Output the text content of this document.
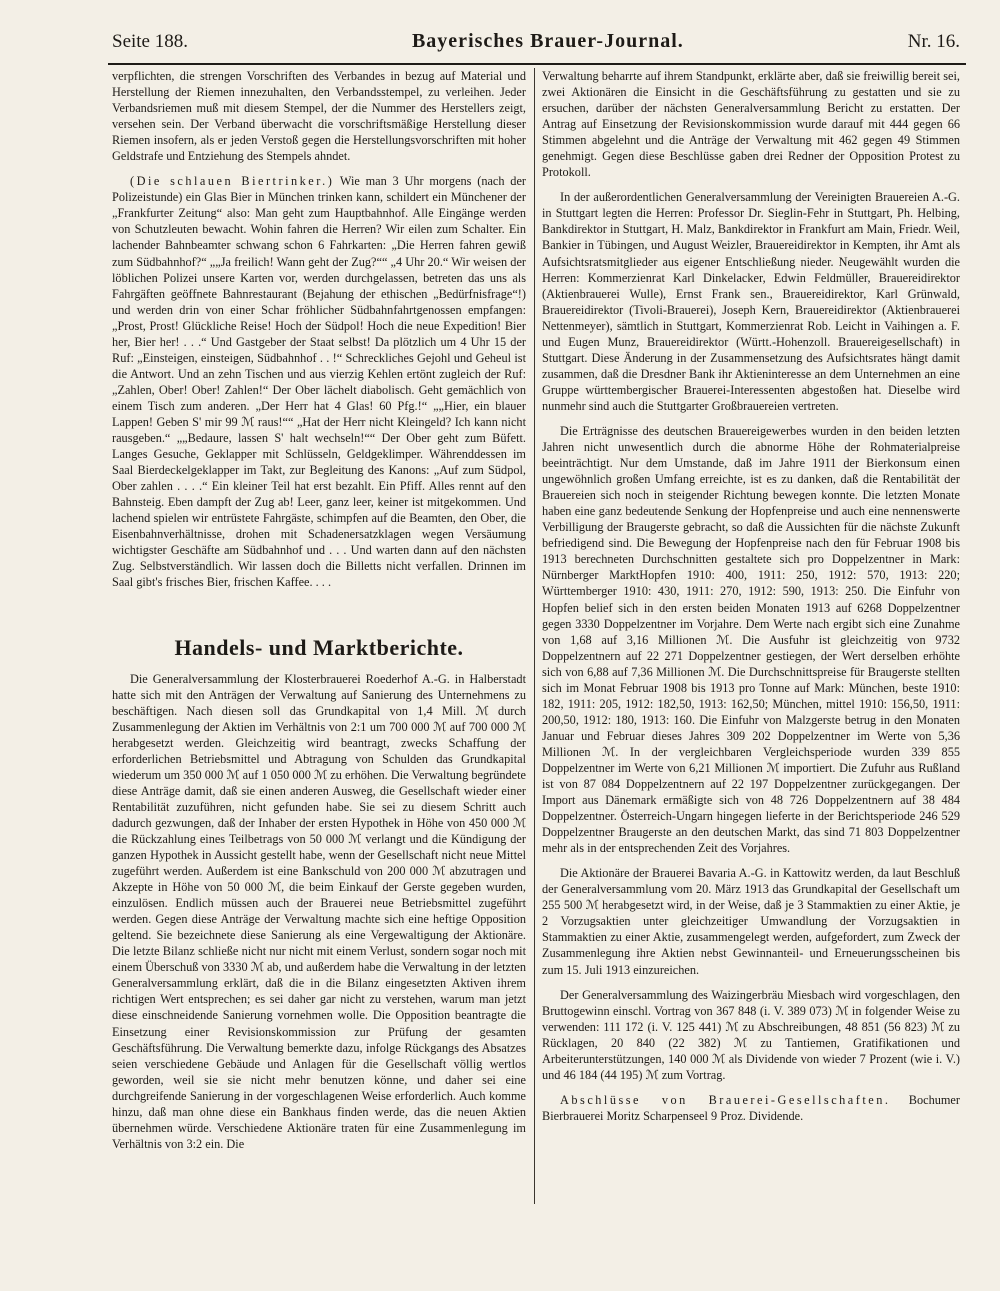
Seite 188.	Bayerisches Brauer-Journal.	Nr. 16.

verpflichten, die strengen Vorschriften des Verbandes in bezug auf Material und Herstellung der Riemen innezuhalten, den Verbandsstempel, zu verleihen. Jeder Verbandsriemen muß mit diesem Stempel, der die Nummer des Herstellers zeigt, versehen sein. Der Verband überwacht die vorschriftsmäßige Herstellung dieser Riemen insofern, als er jeden Verstoß gegen die Herstellungsvorschriften mit hoher Geldstrafe und Entziehung des Stempels ahndet.

(Die schlauen Biertrinker.) Wie man 3 Uhr morgens (nach der Polizeistunde) ein Glas Bier in München trinken kann, schildert ein Münchener der „Frankfurter Zeitung“ also: Man geht zum Hauptbahnhof. Alle Eingänge werden von Schutzleuten bewacht. Wohin fahren die Herren? Wir eilen zum Schalter. Ein lachender Bahnbeamter schwang schon 6 Fahrkarten: „Die Herren fahren gewiß zum Südbahnhof?“ „„Ja freilich! Wann geht der Zug?““ „4 Uhr 20.“ Wir weisen der löblichen Polizei unsere Karten vor, werden durchgelassen, betreten das uns als Fahrgäften geöffnete Bahnrestaurant (Bejahung der ethischen „Bedürfnisfrage“!) und werden drin von einer Schar fröhlicher Südbahnfahrtgenossen empfangen: „Prost, Prost! Glückliche Reise! Hoch der Südpol! Hoch die neue Expedition! Bier her, Bier her! . . .“ Und Gastgeber der Staat selbst! Da plötzlich um 4 Uhr 15 der Ruf: „Einsteigen, einsteigen, Südbahnhof . . !“ Schreckliches Gejohl und Geheul ist die Antwort. Und an zehn Tischen und aus vierzig Kehlen ertönt zugleich der Ruf: „Zahlen, Ober! Ober! Zahlen!“ Der Ober lächelt diabolisch. Geht gemächlich von einem Tisch zum anderen. „Der Herr hat 4 Glas! 60 Pfg.!“ „„Hier, ein blauer Lappen! Geben S' mir 99 ℳ raus!““ „Hat der Herr nicht Kleingeld? Ich kann nicht rausgeben.“ „„Bedaure, lassen S' halt wechseln!““ Der Ober geht zum Büfett. Langes Gesuche, Geklapper mit Schlüsseln, Geldgeklimper. Währenddessen im Saal Bierdeckelgeklapper im Takt, zur Begleitung des Kanons: „Auf zum Südpol, Ober zahlen . . . .“ Ein kleiner Teil hat erst bezahlt. Ein Pfiff. Alles rennt auf den Bahnsteig. Eben dampft der Zug ab! Leer, ganz leer, keiner ist mitgekommen. Und lachend spielen wir entrüstete Fahrgäste, schimpfen auf die Beamten, den Ober, die Eisenbahnverhältnisse, drohen mit Schadenersatzklagen wegen Versäumung wichtigster Geschäfte am Südbahnhof und . . . Und warten dann auf den nächsten Zug. Selbstverständlich. Wir lassen doch die Billetts nicht verfallen. Drinnen im Saal gibt's frisches Bier, frischen Kaffee. . . .

Handels- und Marktberichte.

Die Generalversammlung der Klosterbrauerei Roederhof A.-G. in Halberstadt hatte sich mit den Anträgen der Verwaltung auf Sanierung des Unternehmens zu beschäftigen. Nach diesen soll das Grundkapital von 1,4 Mill. ℳ durch Zusammenlegung der Aktien im Verhältnis von 2:1 um 700 000 ℳ auf 700 000 ℳ herabgesetzt werden. Gleichzeitig wird beantragt, zwecks Schaffung der erforderlichen Betriebsmittel und Abtragung von Schulden das Grundkapital wiederum um 350 000 ℳ auf 1 050 000 ℳ zu erhöhen. Die Verwaltung begründete diese Anträge damit, daß sie einen anderen Ausweg, die Gesellschaft wieder einer Rentabilität zuzuführen, nicht gefunden habe. Sie sei zu diesem Schritt auch dadurch gezwungen, daß der Inhaber der ersten Hypothek in Höhe von 450 000 ℳ die Rückzahlung eines Teilbetrags von 50 000 ℳ verlangt und die Kündigung der ganzen Hypothek in Aussicht gestellt habe, wenn der Gesellschaft nicht neue Mittel zugeführt werden. Außerdem ist eine Bankschuld von 200 000 ℳ abzutragen und Akzepte in Höhe von 50 000 ℳ, die beim Einkauf der Gerste gegeben wurden, einzulösen. Endlich müssen auch der Brauerei neue Betriebsmittel zugeführt werden. Gegen diese Anträge der Verwaltung machte sich eine heftige Opposition geltend. Sie bezeichnete diese Sanierung als eine Vergewaltigung der Aktionäre. Die letzte Bilanz schließe nicht nur nicht mit einem Verlust, sondern sogar noch mit einem Überschuß von 3330 ℳ ab, und außerdem habe die Verwaltung in der letzten Generalversammlung erklärt, daß die in die Bilanz eingesetzten Aktiven ihrem richtigen Wert entsprechen; es sei daher gar nicht zu verstehen, warum man jetzt diese einschneidende Sanierung vornehmen wolle. Die Opposition beantragte die Einsetzung einer Revisionskommission zur Prüfung der gesamten Geschäftsführung. Die Verwaltung bemerkte dazu, infolge Rückgangs des Absatzes seien verschiedene Gebäude und Anlagen für die Gesellschaft völlig wertlos geworden, weil sie sie nicht mehr benutzen könne, und daher sei eine durchgreifende Sanierung in der vorgeschlagenen Weise erforderlich. Auch komme hinzu, daß man ohne diese ein Bankhaus finden werde, das die neuen Aktien übernehmen würde. Verschiedene Aktionäre traten für eine Zusammenlegung im Verhältnis von 3:2 ein. Die

Verwaltung beharrte auf ihrem Standpunkt, erklärte aber, daß sie freiwillig bereit sei, zwei Aktionären die Einsicht in die Geschäftsführung zu gestatten und sie zu ersuchen, darüber der nächsten Generalversammlung Bericht zu erstatten. Der Antrag auf Einsetzung der Revisionskommission wurde darauf mit 444 gegen 66 Stimmen abgelehnt und die Anträge der Verwaltung mit 462 gegen 49 Stimmen genehmigt. Gegen diese Beschlüsse gaben drei Redner der Opposition Protest zu Protokoll.

In der außerordentlichen Generalversammlung der Vereinigten Brauereien A.-G. in Stuttgart legten die Herren: Professor Dr. Sieglin-Fehr in Stuttgart, Ph. Helbing, Bankdirektor in Stuttgart, H. Malz, Bankdirektor in Frankfurt am Main, Friedr. Weil, Bankier in Tübingen, und August Weizler, Brauereidirektor in Kempten, ihr Amt als Aufsichtsratsmitglieder aus eigener Entschließung nieder. Neugewählt wurden die Herren: Kommerzienrat Karl Dinkelacker, Edwin Feldmüller, Brauereidirektor (Aktienbrauerei Wulle), Ernst Frank sen., Brauereidirektor, Karl Grünwald, Brauereidirektor (Tivoli-Brauerei), Joseph Kern, Brauereidirektor (Aktienbrauerei Nettenmeyer), sämtlich in Stuttgart, Kommerzienrat Rob. Leicht in Vaihingen a. F. und Eugen Munz, Brauereidirektor (Württ.-Hohenzoll. Brauereigesellschaft) in Stuttgart. Diese Änderung in der Zusammensetzung des Aufsichtsrates hängt damit zusammen, daß die Dresdner Bank ihr Aktieninteresse an dem Unternehmen an eine Gruppe württembergischer Brauerei-Interessenten abgestoßen hat. Dieselbe wird nunmehr sind auch die Stuttgarter Großbrauereien vertreten.

Die Erträgnisse des deutschen Brauereigewerbes wurden in den beiden letzten Jahren nicht unwesentlich durch die abnorme Höhe der Rohmaterialpreise beeinträchtigt. Nur dem Umstande, daß im Jahre 1911 der Bierkonsum einen ungewöhnlich großen Umfang erreichte, ist es zu danken, daß die Rentabilität der Brauereien sich noch in steigender Richtung bewegen konnte. Die letzten Monate haben eine ganz bedeutende Senkung der Hopfenpreise und auch eine nennenswerte Verbilligung der Braugerste gebracht, so daß die Aussichten für die nächste Zukunft befriedigend sind. Die Bewegung der Hopfenpreise nach den für Februar 1908 bis 1913 berechneten Durchschnitten gestaltete sich pro Doppelzentner in Mark: Nürnberger MarktHopfen 1910: 400, 1911: 250, 1912: 570, 1913: 220; Württemberger 1910: 430, 1911: 270, 1912: 590, 1913: 250. Die Einfuhr von Hopfen belief sich in den ersten beiden Monaten 1913 auf 6268 Doppelzentner gegen 3330 Doppelzentner im Vorjahre. Dem Werte nach ergibt sich eine Zunahme von 1,68 auf 3,16 Millionen ℳ. Die Ausfuhr ist gleichzeitig von 9732 Doppelzentnern auf 22 271 Doppelzentner gestiegen, der Wert derselben erhöhte sich von 6,88 auf 7,36 Millionen ℳ. Die Durchschnittspreise für Braugerste stellten sich im Monat Februar 1908 bis 1913 pro Tonne auf Mark: München, beste 1910: 182, 1911: 205, 1912: 182,50, 1913: 162,50; München, mittel 1910: 156,50, 1911: 200,50, 1912: 180, 1913: 160. Die Einfuhr von Malzgerste betrug in den Monaten Januar und Februar dieses Jahres 309 202 Doppelzentner im Werte von 5,36 Millionen ℳ. In der vergleichbaren Vergleichsperiode wurden 339 855 Doppelzentner im Werte von 6,21 Millionen ℳ importiert. Die Zufuhr aus Rußland ist von 87 084 Doppelzentnern auf 22 197 Doppelzentner zurückgegangen. Der Import aus Dänemark ermäßigte sich von 48 726 Doppelzentnern auf 38 484 Doppelzentner. Österreich-Ungarn hingegen lieferte in der Berichtsperiode 246 529 Doppelzentner Braugerste an den deutschen Markt, das sind 71 803 Doppelzentner mehr als in der entsprechenden Zeit des Vorjahres.

Die Aktionäre der Brauerei Bavaria A.-G. in Kattowitz werden, da laut Beschluß der Generalversammlung vom 20. März 1913 das Grundkapital der Gesellschaft um 255 500 ℳ herabgesetzt wird, in der Weise, daß je 3 Stammaktien zu einer Aktie, je 2 Vorzugsaktien unter gleichzeitiger Umwandlung der Vorzugsaktien in Stammaktien zu einer Aktie, zusammengelegt werden, aufgefordert, zum Zweck der Zusammenlegung ihre Aktien nebst Gewinnanteil- und Erneuerungsscheinen bis zum 15. Juli 1913 einzureichen.

Der Generalversammlung des Waizingerbräu Miesbach wird vorgeschlagen, den Bruttogewinn einschl. Vortrag von 367 848 (i. V. 389 073) ℳ in folgender Weise zu verwenden: 111 172 (i. V. 125 441) ℳ zu Abschreibungen, 48 851 (56 823) ℳ zu Rücklagen, 20 840 (22 382) ℳ zu Tantiemen, Gratifikationen und Arbeiterunterstützungen, 140 000 ℳ als Dividende von wieder 7 Prozent (wie i. V.) und 46 184 (44 195) ℳ zum Vortrag.

Abschlüsse von Brauerei-Gesellschaften. Bochumer Bierbrauerei Moritz Scharpenseel 9 Proz. Dividende.
